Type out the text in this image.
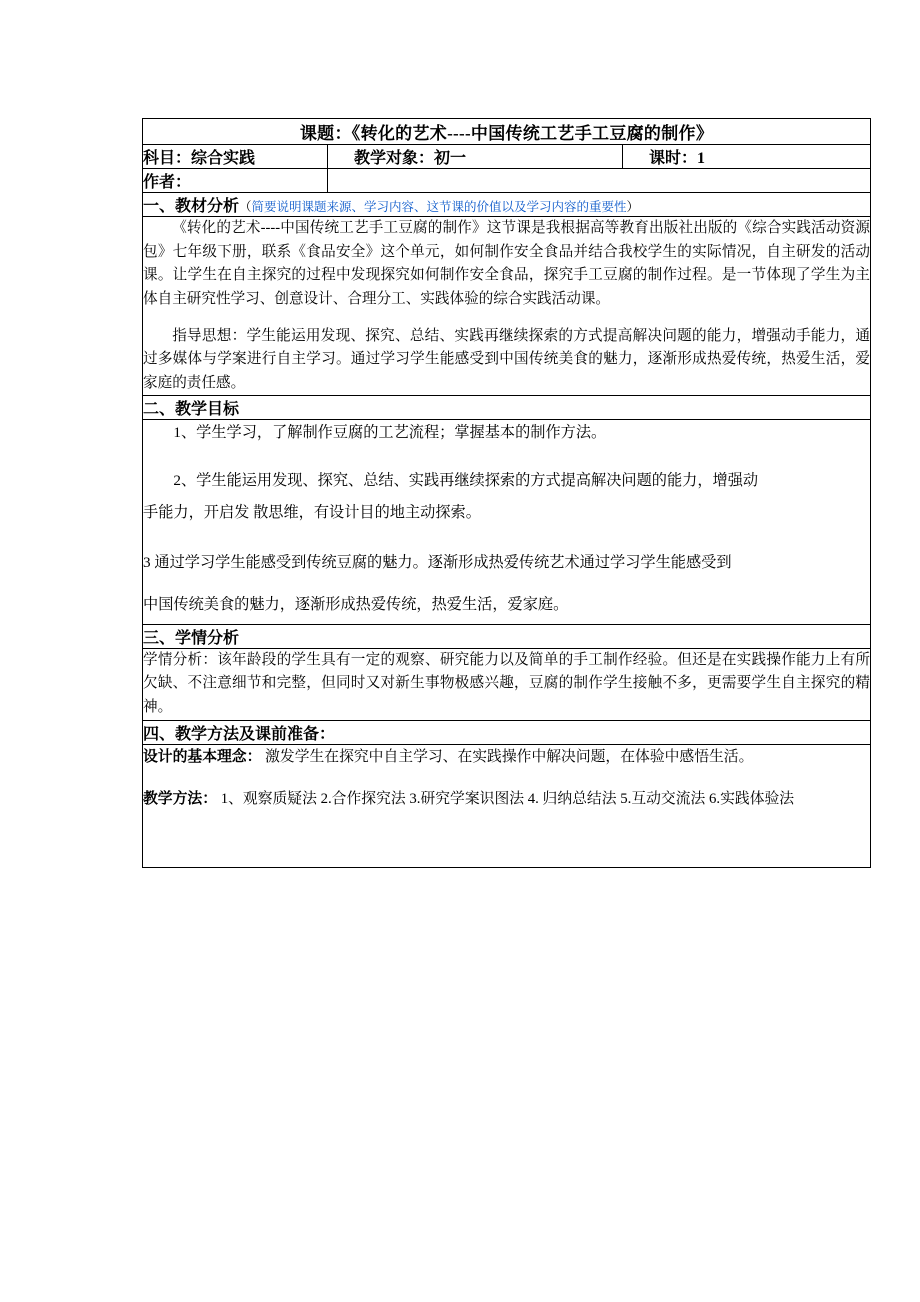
课题：《转化的艺术----中国传统工艺手工豆腐的制作》		
科目：综合实践	教学对象：初一	课时：1
作者：		
一、教材分析（简要说明课题来源、学习内容、这节课的价值以及学习内容的重要性）		

《转化的艺术----中国传统工艺手工豆腐的制作》这节课是我根据高等教育出版社出版的《综合实践活动资源包》七年级下册，联系《食品安全》这个单元，如何制作安全食品并结合我校学生的实际情况，自主研发的活动课。让学生在自主探究的过程中发现探究如何制作安全食品，探究手工豆腐的制作过程。是一节体现了学生为主体自主研究性学习、创意设计、合理分工、实践体验的综合实践活动课。

指导思想：学生能运用发现、探究、总结、实践再继续探索的方式提高解决问题的能力，增强动手能力，通过多媒体与学案进行自主学习。通过学习学生能感受到中国传统美食的魅力，逐渐形成热爱传统，热爱生活，爱家庭的责任感。		

二、教学目标		

1、学生学习，了解制作豆腐的工艺流程；掌握基本的制作方法。

2、学生能运用发现、探究、总结、实践再继续探索的方式提高解决问题的能力，增强动

手能力，开启发 散思维，有设计目的地主动探索。

3 通过学习学生能感受到传统豆腐的魅力。逐渐形成热爱传统艺术通过学习学生能感受到

中国传统美食的魅力，逐渐形成热爱传统，热爱生活，爱家庭。		

三、学情分析		
学情分析：该年龄段的学生具有一定的观察、研究能力以及简单的手工制作经验。但还是在实践操作能力上有所欠缺、不注意细节和完整，但同时又对新生事物极感兴趣，豆腐的制作学生接触不多，更需要学生自主探究的精神。		
四、教学方法及课前准备：		

设计的基本理念： 激发学生在探究中自主学习、在实践操作中解决问题，在体验中感悟生活。

教学方法： 1、观察质疑法 2.合作探究法 3.研究学案识图法 4. 归纳总结法 5.互动交流法 6.实践体验法		
